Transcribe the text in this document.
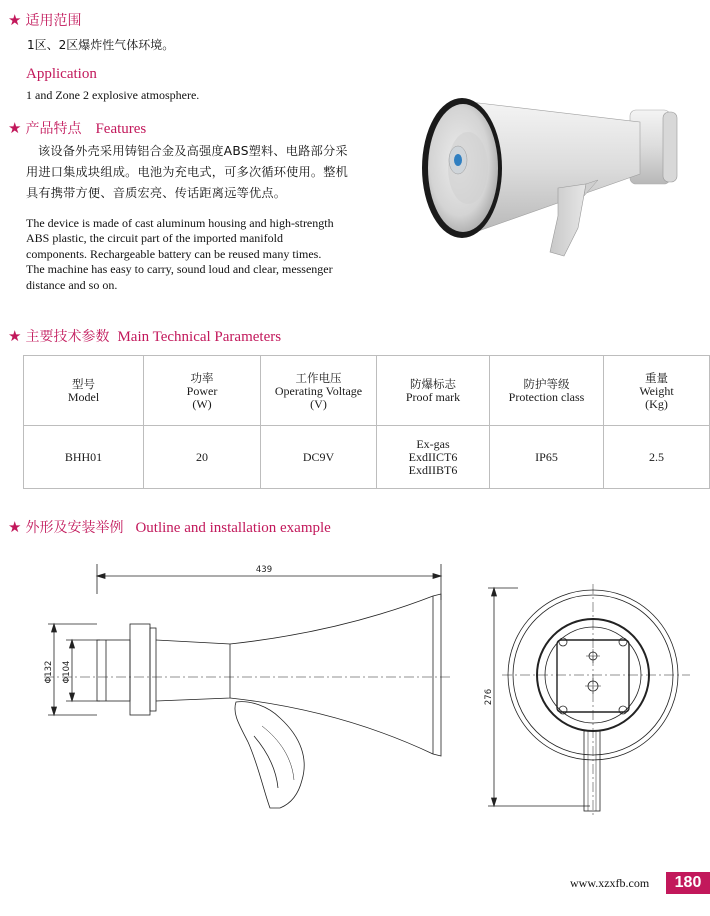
★ 适用范围
1区、2区爆炸性气体环境。
Application
1 and Zone 2 explosive atmosphere.
★ 产品特点 Features
该设备外壳采用铸铝合金及高强度ABS塑料、电路部分采
用进口集成块组成。电池为充电式，可多次循环使用。整机
具有携带方便、音质宏亮、传话距离远等优点。
The device is made of cast aluminum housing and high-strength
ABS plastic, the circuit part of the imported manifold
components. Rechargeable battery can be reused many times.
The machine has easy to carry, sound loud and clear, messenger
distance and so on.
★ 主要技术参数 Main Technical Parameters
型号
Model	功率
Power
(W)	工作电压
Operating Voltage
(V)	防爆标志
Proof mark	防护等级
Protection class	重量
Weight
(Kg)

BHH01	20	DC9V	Ex-gas
ExdIICT6
ExdIIBT6	IP65	2.5
★ 外形及安装举例 Outline and installation example
439
Φ132 Φ104
276
www.xzxfb.com	180
